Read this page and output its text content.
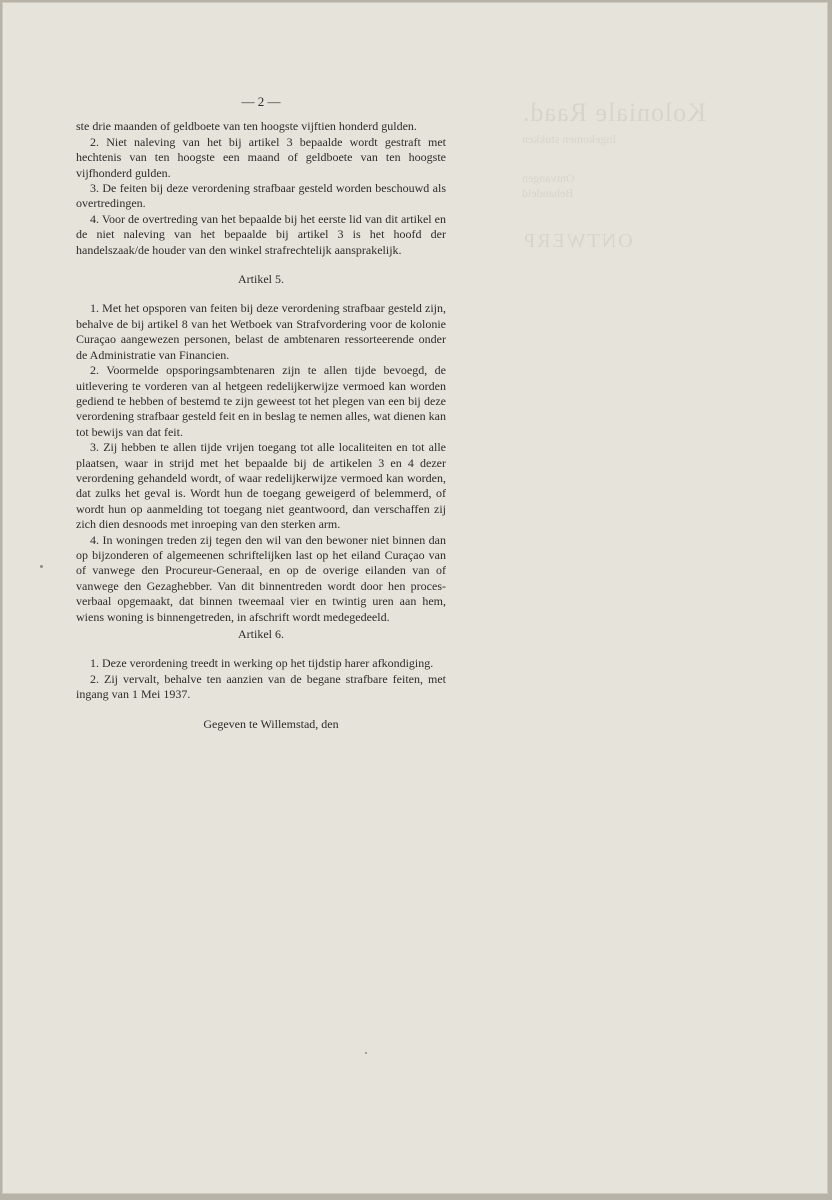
Koloniale Raad.
Ingekomen stukken
Ontvangen
Behandeld
ONTWERP
— 2 —

ste drie maanden of geldboete van ten hoogste vijftien honderd gulden.

2. Niet naleving van het bij artikel 3 bepaalde wordt gestraft met hechtenis van ten hoogste een maand of geldboete van ten hoogste vijfhonderd gulden.

3. De feiten bij deze verordening strafbaar gesteld worden beschouwd als overtredingen.

4. Voor de overtreding van het bepaalde bij het eerste lid van dit artikel en de niet naleving van het bepaalde bij artikel 3 is het hoofd der handelszaak/de houder van den winkel strafrechtelijk aansprakelijk.

Artikel 5.

1. Met het opsporen van feiten bij deze verordening strafbaar gesteld zijn, behalve de bij artikel 8 van het Wetboek van Strafvordering voor de kolonie Curaçao aangewezen personen, belast de ambtenaren ressorteerende onder de Administratie van Financien.

2. Voormelde opsporingsambtenaren zijn te allen tijde bevoegd, de uitlevering te vorderen van al hetgeen redelijkerwijze vermoed kan worden gediend te hebben of bestemd te zijn geweest tot het plegen van een bij deze verordening strafbaar gesteld feit en in beslag te nemen alles, wat dienen kan tot bewijs van dat feit.

3. Zij hebben te allen tijde vrijen toegang tot alle localiteiten en tot alle plaatsen, waar in strijd met het bepaalde bij de artikelen 3 en 4 dezer verordening gehandeld wordt, of waar redelijkerwijze vermoed kan worden, dat zulks het geval is. Wordt hun de toegang geweigerd of belemmerd, of wordt hun op aanmelding tot toegang niet geantwoord, dan verschaffen zij zich dien desnoods met inroeping van den sterken arm.

4. In woningen treden zij tegen den wil van den bewoner niet binnen dan op bijzonderen of algemeenen schriftelijken last op het eiland Curaçao van of vanwege den Procureur-Generaal, en op de overige eilanden van of vanwege den Gezaghebber. Van dit binnentreden wordt door hen proces-verbaal opgemaakt, dat binnen tweemaal vier en twintig uren aan hem, wiens woning is binnengetreden, in afschrift wordt medegedeeld.

Artikel 6.

1. Deze verordening treedt in werking op het tijdstip harer afkondiging.

2. Zij vervalt, behalve ten aanzien van de begane strafbare feiten, met ingang van 1 Mei 1937.

Gegeven te Willemstad, den
